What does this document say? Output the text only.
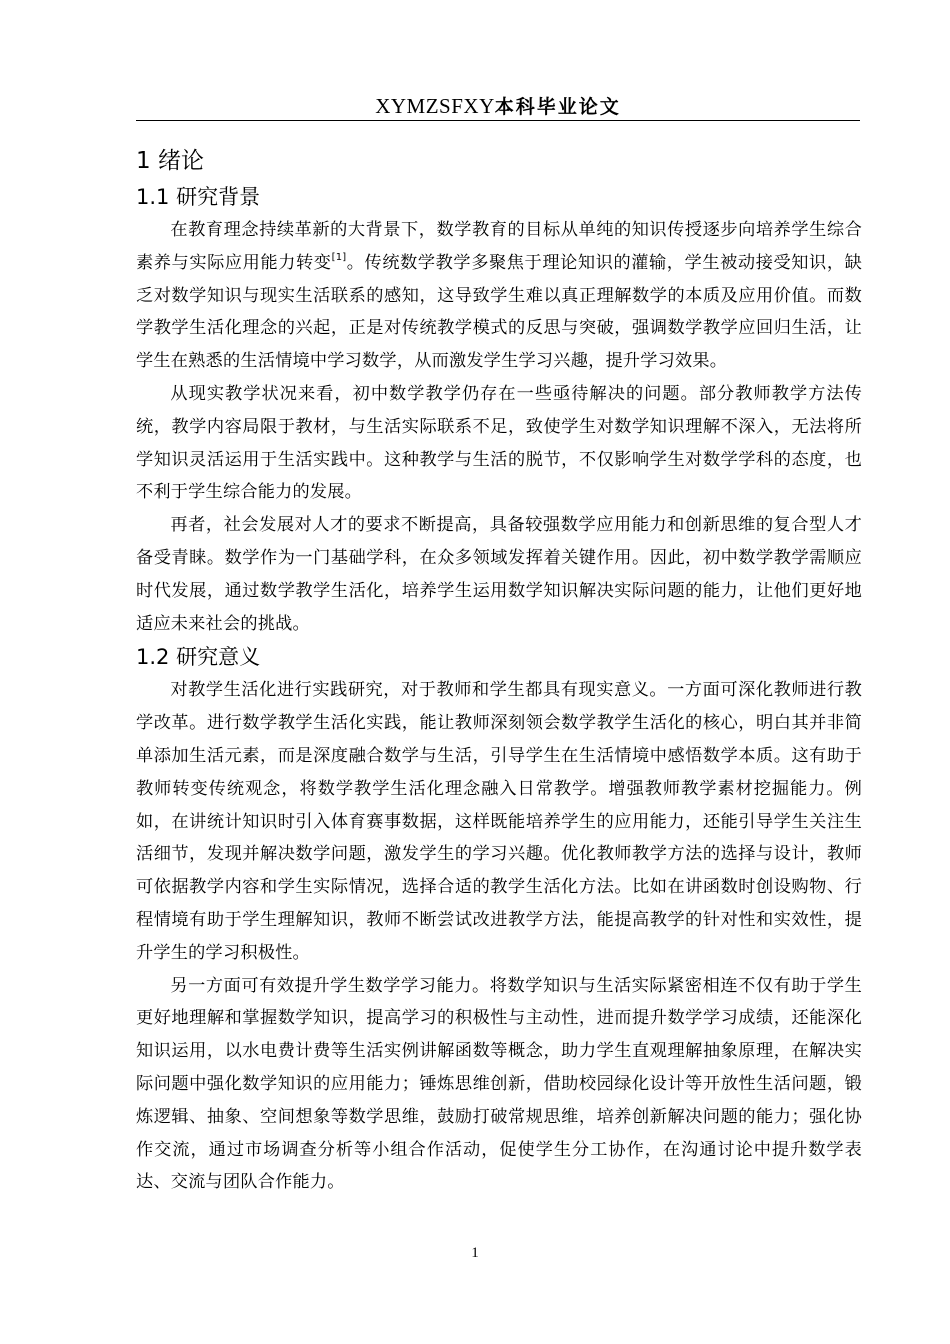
XYMZSFXY本科毕业论文
1 绪论
1.1 研究背景

在教育理念持续革新的大背景下，数学教育的目标从单纯的知识传授逐步向培养学生综合素养与实际应用能力转变[1]。传统数学教学多聚焦于理论知识的灌输，学生被动接受知识，缺乏对数学知识与现实生活联系的感知，这导致学生难以真正理解数学的本质及应用价值。而数学教学生活化理念的兴起，正是对传统教学模式的反思与突破，强调数学教学应回归生活，让学生在熟悉的生活情境中学习数学，从而激发学生学习兴趣，提升学习效果。

从现实教学状况来看，初中数学教学仍存在一些亟待解决的问题。部分教师教学方法传统，教学内容局限于教材，与生活实际联系不足，致使学生对数学知识理解不深入，无法将所学知识灵活运用于生活实践中。这种教学与生活的脱节，不仅影响学生对数学学科的态度，也不利于学生综合能力的发展。

再者，社会发展对人才的要求不断提高，具备较强数学应用能力和创新思维的复合型人才备受青睐。数学作为一门基础学科，在众多领域发挥着关键作用。因此，初中数学教学需顺应时代发展，通过数学教学生活化，培养学生运用数学知识解决实际问题的能力，让他们更好地适应未来社会的挑战。

1.2 研究意义

对教学生活化进行实践研究，对于教师和学生都具有现实意义。一方面可深化教师进行教学改革。进行数学教学生活化实践，能让教师深刻领会数学教学生活化的核心，明白其并非简单添加生活元素，而是深度融合数学与生活，引导学生在生活情境中感悟数学本质。这有助于教师转变传统观念，将数学教学生活化理念融入日常教学。增强教师教学素材挖掘能力。例如，在讲统计知识时引入体育赛事数据，这样既能培养学生的应用能力，还能引导学生关注生活细节，发现并解决数学问题，激发学生的学习兴趣。优化教师教学方法的选择与设计，教师可依据教学内容和学生实际情况，选择合适的教学生活化方法。比如在讲函数时创设购物、行程情境有助于学生理解知识，教师不断尝试改进教学方法，能提高教学的针对性和实效性，提升学生的学习积极性。

另一方面可有效提升学生数学学习能力。将数学知识与生活实际紧密相连不仅有助于学生更好地理解和掌握数学知识，提高学习的积极性与主动性，进而提升数学学习成绩，还能深化知识运用，以水电费计费等生活实例讲解函数等概念，助力学生直观理解抽象原理，在解决实际问题中强化数学知识的应用能力；锤炼思维创新，借助校园绿化设计等开放性生活问题，锻炼逻辑、抽象、空间想象等数学思维，鼓励打破常规思维，培养创新解决问题的能力；强化协作交流，通过市场调查分析等小组合作活动，促使学生分工协作，在沟通讨论中提升数学表达、交流与团队合作能力。

1
